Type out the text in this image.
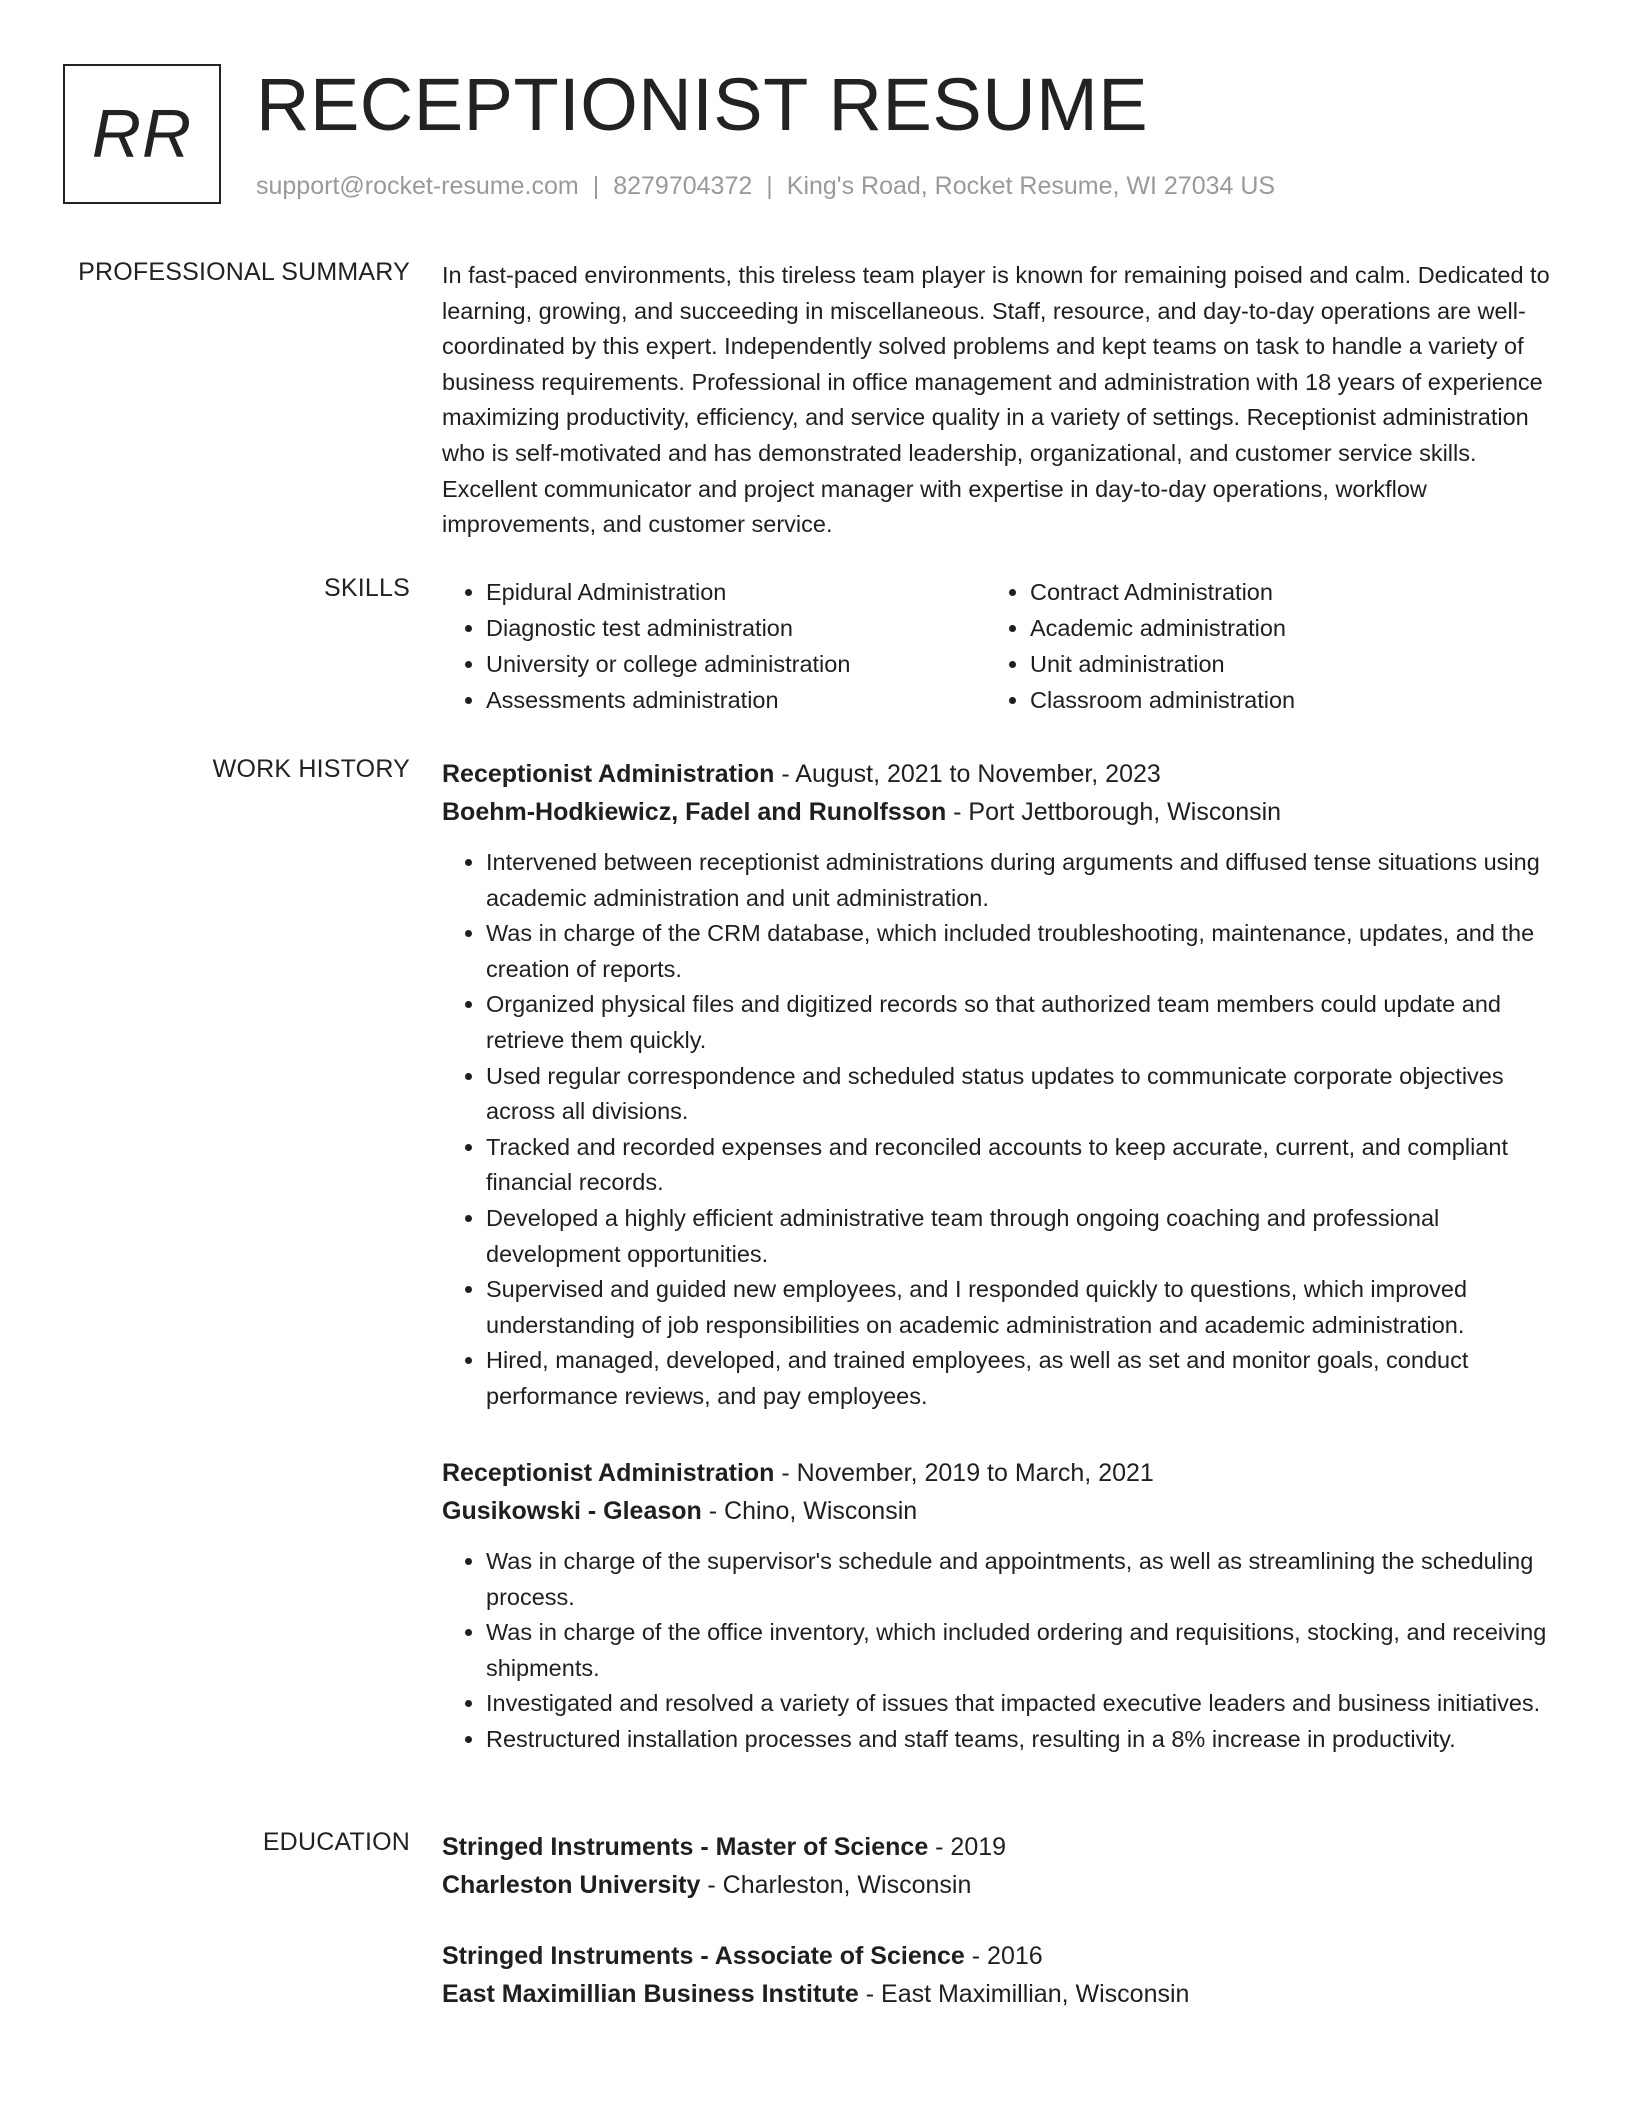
RR RECEPTIONIST RESUME
support@rocket-resume.com | 8279704372 | King's Road, Rocket Resume, WI 27034 US
PROFESSIONAL SUMMARY In fast-paced environments, this tireless team player is known for remaining poised and calm. Dedicated to learning, growing, and succeeding in miscellaneous. Staff, resource, and day-to-day operations are well-coordinated by this expert. Independently solved problems and kept teams on task to handle a variety of business requirements. Professional in office management and administration with 18 years of experience maximizing productivity, efficiency, and service quality in a variety of settings. Receptionist administration who is self-motivated and has demonstrated leadership, organizational, and customer service skills. Excellent communicator and project manager with expertise in day-to-day operations, workflow improvements, and customer service.

SKILLS
•	Epidural Administration
• Diagnostic test administration
• University or college administration
• Assessments administration
• Contract Administration
• Academic administration
• Unit administration
• Classroom administration
WORK HISTORY Receptionist Administration - August, 2021 to November, 2023
Boehm-Hodkiewicz, Fadel and Runolfsson - Port Jettborough, Wisconsin
• Intervened between receptionist administrations during arguments and diffused tense situations using academic administration and unit administration.
• Was in charge of the CRM database, which included troubleshooting, maintenance, updates, and the creation of reports.
• Organized physical files and digitized records so that authorized team members could update and retrieve them quickly.
• Used regular correspondence and scheduled status updates to communicate corporate objectives across all divisions.
• Tracked and recorded expenses and reconciled accounts to keep accurate, current, and compliant financial records.
• Developed a highly efficient administrative team through ongoing coaching and professional development opportunities.
• Supervised and guided new employees, and I responded quickly to questions, which improved understanding of job responsibilities on academic administration and academic administration.
• Hired, managed, developed, and trained employees, as well as set and monitor goals, conduct performance reviews, and pay employees.
Receptionist Administration - November, 2019 to March, 2021
Gusikowski - Gleason - Chino, Wisconsin
• Was in charge of the supervisor's schedule and appointments, as well as streamlining the scheduling process.
• Was in charge of the office inventory, which included ordering and requisitions, stocking, and receiving shipments.
• Investigated and resolved a variety of issues that impacted executive leaders and business initiatives.
• Restructured installation processes and staff teams, resulting in a 8% increase in productivity.
EDUCATION Stringed Instruments - Master of Science - 2019
Charleston University - Charleston, Wisconsin
Stringed Instruments - Associate of Science - 2016
East Maximillian Business Institute - East Maximillian, Wisconsin
